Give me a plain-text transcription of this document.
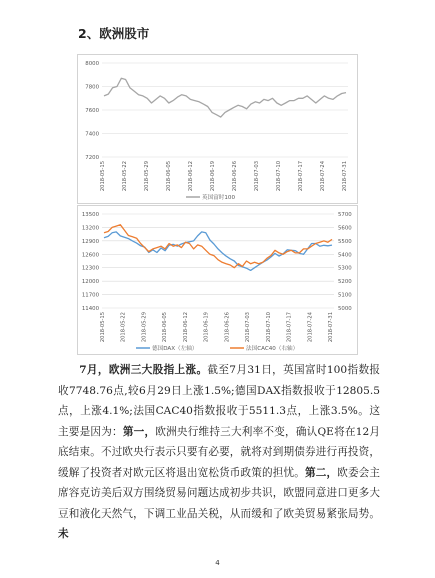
2、欧洲股市
8000
7800
7600
7400
7200
2018-05-15	2018-05-22	2018-05-29	2018-06-05	2018-06-12	2018-06-19	2018-06-26	2018-07-03	2018-07-10	2018-07-17	2018-07-24	2018-07-31
英国富时100
13500
13200
12900
12600
12300
12000
11700
11400
5700
5600
5500
5400
5300
5200
5100
5000
2018-05-15	2018-05-22	2018-05-29	2018-06-05	2018-06-12	2018-06-19	2018-06-26	2018-07-03	2018-07-10	2018-07-17	2018-07-24	2018-07-31
德国DAX（左轴）	法国CAC40（右轴）

7月，欧洲三大股指上涨。截至7月31日，英国富时100指数报收7748.76点,较6月29日上涨1.5%;德国DAX指数报收于12805.5点，上涨4.1%;法国CAC40指数报收于5511.3点，上涨3.5%。这主要是因为：第一，欧洲央行维持三大利率不变，确认QE将在12月底结束。不过欧央行表示只要有必要，就将对到期债券进行再投资，缓解了投资者对欧元区将退出宽松货币政策的担忧。第二，欧委会主席容克访美后双方围绕贸易问题达成初步共识，欧盟同意进口更多大豆和液化天然气，下调工业品关税，从而缓和了欧美贸易紧张局势。未

4
